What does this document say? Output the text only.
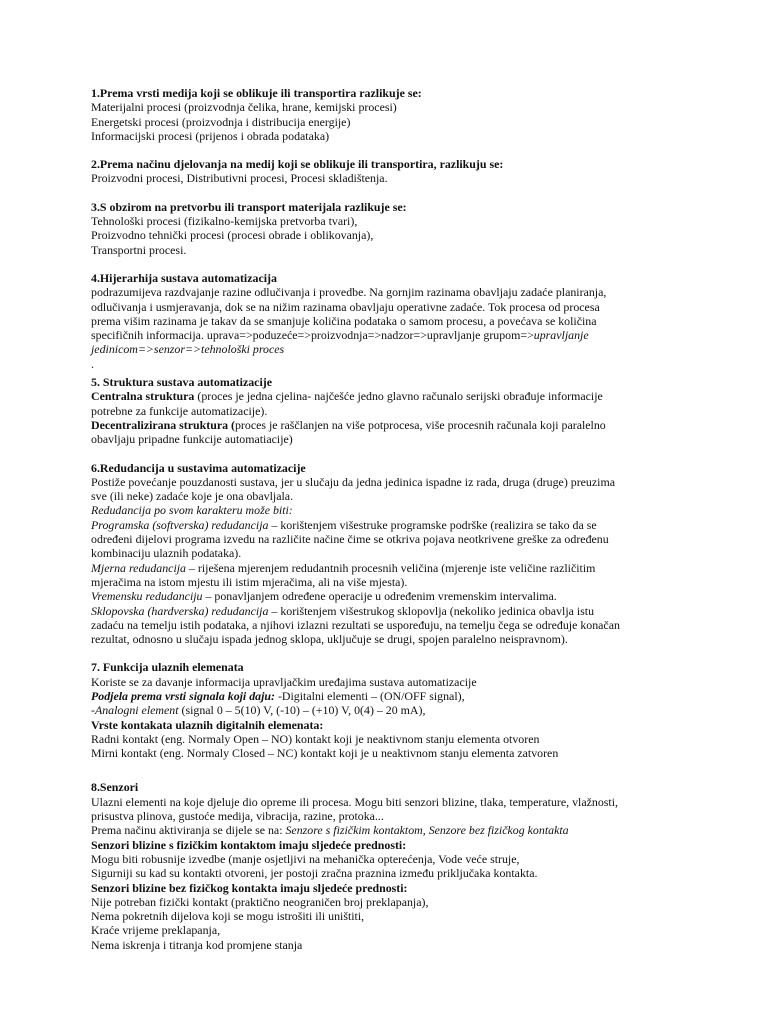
1.Prema vrsti medija koji se oblikuje ili transportira razlikuje se:
Materijalni procesi (proizvodnja čelika, hrane, kemijski procesi)
Energetski procesi (proizvodnja i distribucija energije)
Informacijski procesi (prijenos i obrada podataka)
2.Prema načinu djelovanja na medij koji se oblikuje ili transportira, razlikuju se:
Proizvodni procesi, Distributivni procesi, Procesi skladištenja.
3.S obzirom na pretvorbu ili transport materijala razlikuje se:
Tehnološki procesi (fizikalno-kemijska pretvorba tvari),
Proizvodno tehnički procesi (procesi obrade i oblikovanja),
Transportni procesi.
4.Hijerarhija sustava automatizacija
podrazumijeva razdvajanje razine odlučivanja i provedbe. Na gornjim razinama obavljaju zadaće planiranja,
odlučivanja i usmjeravanja, dok se na nižim razinama obavljaju operativne zadaće. Tok procesa od procesa
prema višim razinama je takav da se smanjuje količina podataka o samom procesu, a povećava se količina
specifičnih informacija. uprava=>poduzeće=>proizvodnja=>nadzor=>upravljanje grupom=>upravljanje
jedinicom=>senzor=>tehnološki proces
.
5. Struktura sustava automatizacije
Centralna struktura (proces je jedna cjelina- najčešće jedno glavno računalo serijski obrađuje informacije
potrebne za funkcije automatizacije).
Decentralizirana struktura (proces je raščlanjen na više potprocesa, više procesnih računala koji paralelno
obavljaju pripadne funkcije automatiacije)
6.Redudancija u sustavima automatizacije
Postiže povećanje pouzdanosti sustava, jer u slučaju da jedna jedinica ispadne iz rada, druga (druge) preuzima
sve (ili neke) zadaće koje je ona obavljala.
Redudancija po svom karakteru može biti:
Programska (softverska) redudancija – korištenjem višestruke programske podrške (realizira se tako da se
određeni dijelovi programa izvedu na različite načine čime se otkriva pojava neotkrivene greške za određenu
kombinaciju ulaznih podataka).
Mjerna redudancija – riješena mjerenjem redudantnih procesnih veličina (mjerenje iste veličine različitim
mjeračima na istom mjestu ili istim mjeračima, ali na više mjesta).
Vremensku redudanciju – ponavljanjem određene operacije u određenim vremenskim intervalima.
Sklopovska (hardverska) redudancija – korištenjem višestrukog sklopovlja (nekoliko jedinica obavlja istu
zadaću na temelju istih podataka, a njihovi izlazni rezultati se uspoređuju, na temelju čega se određuje konačan
rezultat, odnosno u slučaju ispada jednog sklopa, uključuje se drugi, spojen paralelno neispravnom).
7. Funkcija ulaznih elemenata
Koriste se za davanje informacija upravljačkim uređajima sustava automatizacije
Podjela prema vrsti signala koji daju: -Digitalni elementi – (ON/OFF signal),
-Analogni element (signal 0 – 5(10) V, (-10) – (+10) V, 0(4) – 20 mA),
Vrste kontakata ulaznih digitalnih elemenata:
Radni kontakt (eng. Normaly Open – NO) kontakt koji je neaktivnom stanju elementa otvoren
Mirni kontakt (eng. Normaly Closed – NC) kontakt koji je u neaktivnom stanju elementa zatvoren
8.Senzori
Ulazni elementi na koje djeluje dio opreme ili procesa. Mogu biti senzori blizine, tlaka, temperature, vlažnosti,
prisustva plinova, gustoće medija, vibracija, razine, protoka...
Prema načinu aktiviranja se dijele se na: Senzore s fizičkim kontaktom, Senzore bez fizičkog kontakta
Senzori blizine s fizičkim kontaktom imaju sljedeće prednosti:
Mogu biti robusnije izvedbe (manje osjetljivi na mehanička opterećenja, Vode veće struje,
Sigurniji su kad su kontakti otvoreni, jer postoji zračna praznina između priključaka kontakta.
Senzori blizine bez fizičkog kontakta imaju sljedeće prednosti:
Nije potreban fizički kontakt (praktično neograničen broj preklapanja),
Nema pokretnih dijelova koji se mogu istrošiti ili uništiti,
Kraće vrijeme preklapanja,
Nema iskrenja i titranja kod promjene stanja
